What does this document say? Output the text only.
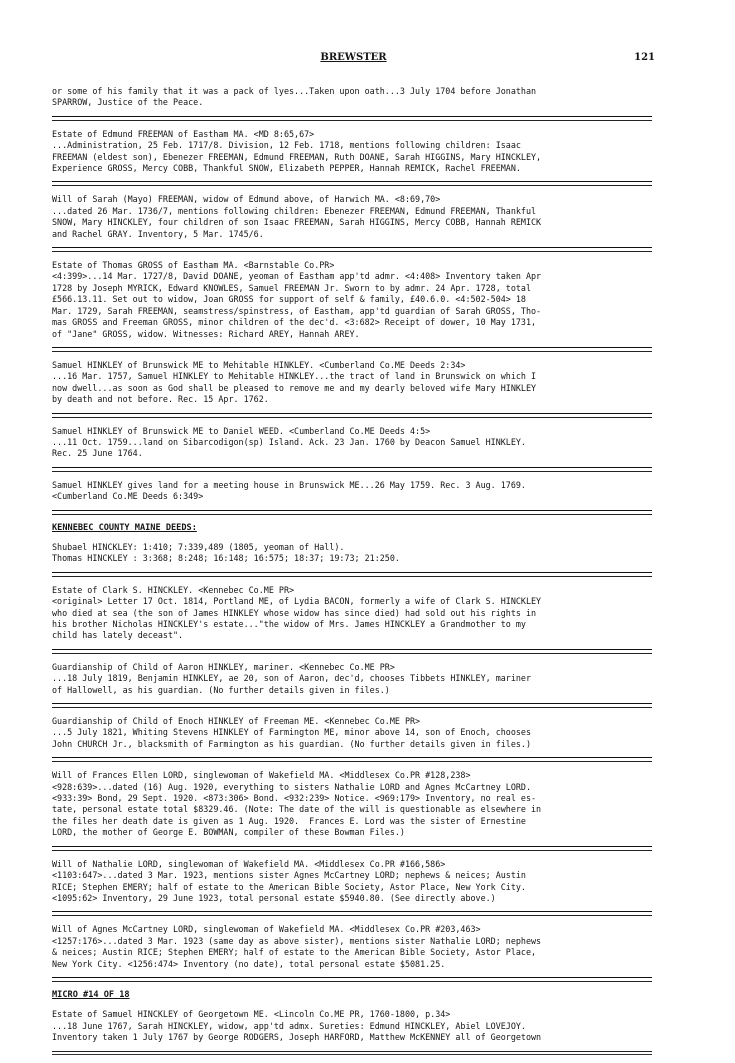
BREWSTER	121
or some of his family that it was a pack of lyes...Taken upon oath...3 July 1704 before Jonathan
SPARROW, Justice of the Peace.
Estate of Edmund FREEMAN of Eastham MA. <MD 8:65,67>
...Administration, 25 Feb. 1717/8. Division, 12 Feb. 1718, mentions following children: Isaac
FREEMAN (eldest son), Ebenezer FREEMAN, Edmund FREEMAN, Ruth DOANE, Sarah HIGGINS, Mary HINCKLEY,
Experience GROSS, Mercy COBB, Thankful SNOW, Elizabeth PEPPER, Hannah REMICK, Rachel FREEMAN.
Will of Sarah (Mayo) FREEMAN, widow of Edmund above, of Harwich MA. <8:69,70>
...dated 26 Mar. 1736/7, mentions following children: Ebenezer FREEMAN, Edmund FREEMAN, Thankful
SNOW, Mary HINCKLEY, four children of son Isaac FREEMAN, Sarah HIGGINS, Mercy COBB, Hannah REMICK
and Rachel GRAY. Inventory, 5 Mar. 1745/6.
Estate of Thomas GROSS of Eastham MA. <Barnstable Co.PR>
<4:399>...14 Mar. 1727/8, David DOANE, yeoman of Eastham app'td admr. <4:408> Inventory taken Apr
1728 by Joseph MYRICK, Edward KNOWLES, Samuel FREEMAN Jr. Sworn to by admr. 24 Apr. 1728, total
£566.13.11. Set out to widow, Joan GROSS for support of self & family, £40.6.0. <4:502-504> 18
Mar. 1729, Sarah FREEMAN, seamstress/spinstress, of Eastham, app'td guardian of Sarah GROSS, Tho-
mas GROSS and Freeman GROSS, minor children of the dec'd. <3:682> Receipt of dower, 10 May 1731,
of "Jane" GROSS, widow. Witnesses: Richard AREY, Hannah AREY.
Samuel HINKLEY of Brunswick ME to Mehitable HINKLEY. <Cumberland Co.ME Deeds 2:34>
...16 Mar. 1757, Samuel HINKLEY to Mehitable HINKLEY...the tract of land in Brunswick on which I
now dwell...as soon as God shall be pleased to remove me and my dearly beloved wife Mary HINKLEY
by death and not before. Rec. 15 Apr. 1762.
Samuel HINKLEY of Brunswick ME to Daniel WEED. <Cumberland Co.ME Deeds 4:5>
...11 Oct. 1759...land on Sibarcodigon(sp) Island. Ack. 23 Jan. 1760 by Deacon Samuel HINKLEY.
Rec. 25 June 1764.
Samuel HINKLEY gives land for a meeting house in Brunswick ME...26 May 1759. Rec. 3 Aug. 1769.
<Cumberland Co.ME Deeds 6:349>
KENNEBEC COUNTY MAINE DEEDS:
Shubael HINCKLEY: 1:410; 7:339,489 (1805, yeoman of Hall).
Thomas HINCKLEY : 3:368; 8:248; 16:148; 16:575; 18:37; 19:73; 21:250.
Estate of Clark S. HINCKLEY. <Kennebec Co.ME PR>
<original> Letter 17 Oct. 1814, Portland ME, of Lydia BACON, formerly a wife of Clark S. HINCKLEY
who died at sea (the son of James HINKLEY whose widow has since died) had sold out his rights in
his brother Nicholas HINCKLEY's estate..."the widow of Mrs. James HINCKLEY a Grandmother to my
child has lately deceast".
Guardianship of Child of Aaron HINKLEY, mariner. <Kennebec Co.ME PR>
...18 July 1819, Benjamin HINKLEY, ae 20, son of Aaron, dec'd, chooses Tibbets HINKLEY, mariner
of Hallowell, as his guardian. (No further details given in files.)
Guardianship of Child of Enoch HINKLEY of Freeman ME. <Kennebec Co.ME PR>
...5 July 1821, Whiting Stevens HINKLEY of Farmington ME, minor above 14, son of Enoch, chooses
John CHURCH Jr., blacksmith of Farmington as his guardian. (No further details given in files.)
Will of Frances Ellen LORD, singlewoman of Wakefield MA. <Middlesex Co.PR #128,238>
<928:639>...dated (16) Aug. 1920, everything to sisters Nathalie LORD and Agnes McCartney LORD.
<933:39> Bond, 29 Sept. 1920. <873:306> Bond. <932:239> Notice. <969:179> Inventory, no real es-
tate, personal estate total $8329.46. (Note: The date of the will is questionable as elsewhere in
the files her death date is given as 1 Aug. 1920.  Frances E. Lord was the sister of Ernestine
LORD, the mother of George E. BOWMAN, compiler of these Bowman Files.)
Will of Nathalie LORD, singlewoman of Wakefield MA. <Middlesex Co.PR #166,586>
<1103:647>...dated 3 Mar. 1923, mentions sister Agnes McCartney LORD; nephews & neices; Austin
RICE; Stephen EMERY; half of estate to the American Bible Society, Astor Place, New York City.
<1095:62> Inventory, 29 June 1923, total personal estate $5940.80. (See directly above.)
Will of Agnes McCartney LORD, singlewoman of Wakefield MA. <Middlesex Co.PR #203,463>
<1257:176>...dated 3 Mar. 1923 (same day as above sister), mentions sister Nathalie LORD; nephews
& neices; Austin RICE; Stephen EMERY; half of estate to the American Bible Society, Astor Place,
New York City. <1256:474> Inventory (no date), total personal estate $5081.25.
MICRO #14 OF 18
Estate of Samuel HINCKLEY of Georgetown ME. <Lincoln Co.ME PR, 1760-1800, p.34>
...18 June 1767, Sarah HINCKLEY, widow, app'td admx. Sureties: Edmund HINCKLEY, Abiel LOVEJOY.
Inventory taken 1 July 1767 by George RODGERS, Joseph HARFORD, Matthew McKENNEY all of Georgetown
